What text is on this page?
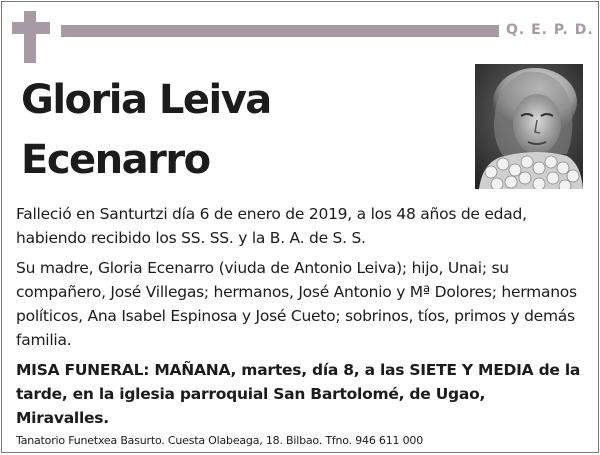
Q. E. P. D.
Gloria Leiva
Ecenarro

Falleció en Santurtzi día 6 de enero de 2019, a los 48 años de edad, habiendo recibido los SS. SS. y la B. A. de S. S.

Su madre, Gloria Ecenarro (viuda de Antonio Leiva); hijo, Unai; su compañero, José Villegas; hermanos, José Antonio y Mª Dolores; hermanos políticos, Ana Isabel Espinosa y José Cueto; sobrinos, tíos, primos y demás familia.

MISA FUNERAL: MAÑANA, martes, día 8, a las SIETE Y MEDIA de la tarde, en la iglesia parroquial San Bartolomé, de Ugao, Miravalles.

Tanatorio Funetxea Basurto. Cuesta Olabeaga, 18. Bilbao. Tfno. 946 611 000
